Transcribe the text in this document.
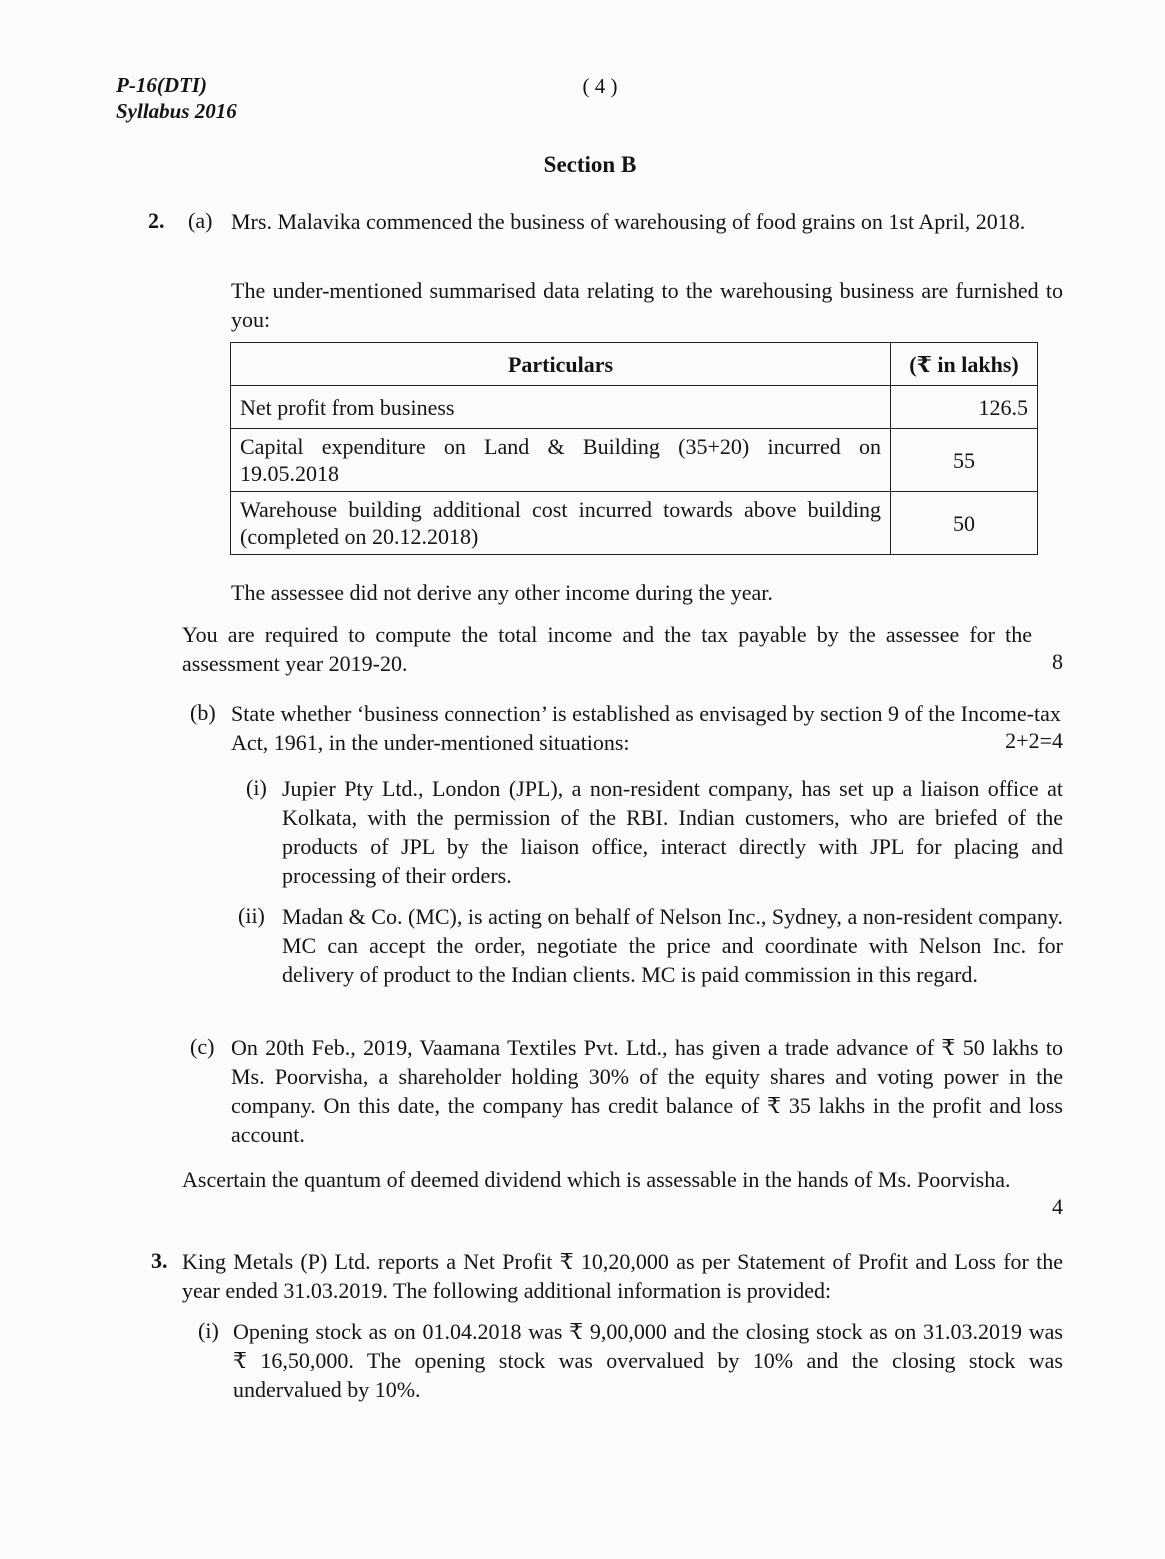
P-16(DTI)
Syllabus 2016
( 4 )
Section B
2. (a) Mrs. Malavika commenced the business of warehousing of food grains on 1st April, 2018.
The under-mentioned summarised data relating to the warehousing business are furnished to you:
Particulars	(₹ in lakhs)
Net profit from business	126.5
Capital expenditure on Land & Building (35+20) incurred on 19.05.2018	55
Warehouse building additional cost incurred towards above building (completed on 20.12.2018)	50
The assessee did not derive any other income during the year.
You are required to compute the total income and the tax payable by the assessee for the assessment year 2019-20.	8
(b) State whether ‘business connection’ is established as envisaged by section 9 of the Income-tax Act, 1961, in the under-mentioned situations:	2+2=4
(i) Jupier Pty Ltd., London (JPL), a non-resident company, has set up a liaison office at Kolkata, with the permission of the RBI. Indian customers, who are briefed of the products of JPL by the liaison office, interact directly with JPL for placing and processing of their orders.
(ii) Madan & Co. (MC), is acting on behalf of Nelson Inc., Sydney, a non-resident company. MC can accept the order, negotiate the price and coordinate with Nelson Inc. for delivery of product to the Indian clients. MC is paid commission in this regard.
(c) On 20th Feb., 2019, Vaamana Textiles Pvt. Ltd., has given a trade advance of ₹ 50 lakhs to Ms. Poorvisha, a shareholder holding 30% of the equity shares and voting power in the company. On this date, the company has credit balance of ₹ 35 lakhs in the profit and loss account.
Ascertain the quantum of deemed dividend which is assessable in the hands of Ms. Poorvisha.
4
3. King Metals (P) Ltd. reports a Net Profit ₹ 10,20,000 as per Statement of Profit and Loss for the year ended 31.03.2019. The following additional information is provided:
(i) Opening stock as on 01.04.2018 was ₹ 9,00,000 and the closing stock as on 31.03.2019 was ₹ 16,50,000. The opening stock was overvalued by 10% and the closing stock was undervalued by 10%.
